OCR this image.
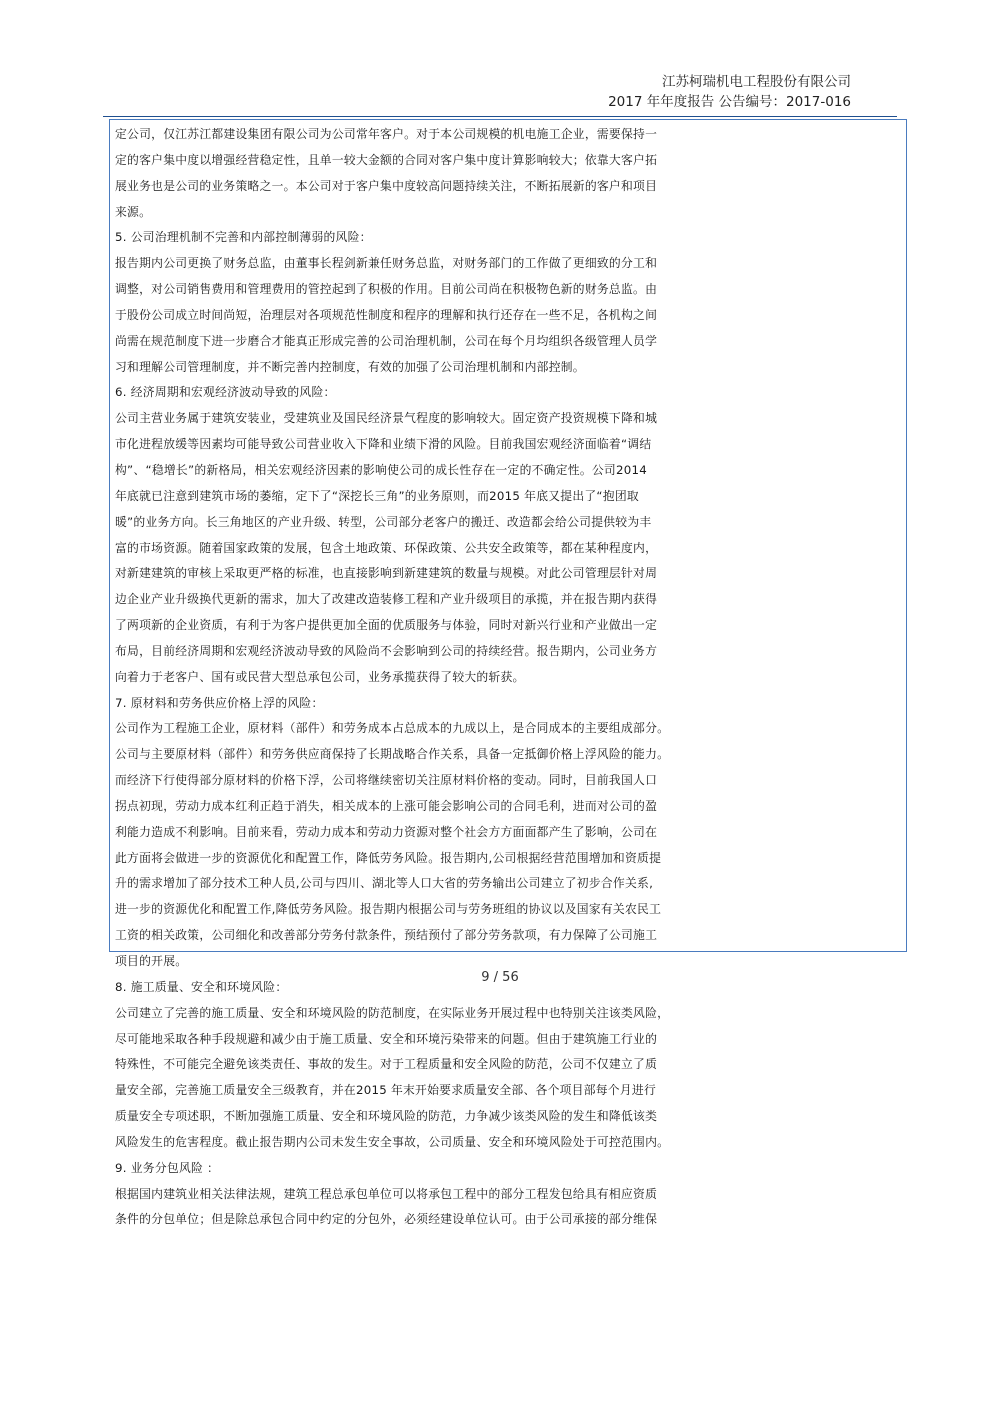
江苏柯瑞机电工程股份有限公司
2017 年年度报告 公告编号：2017-016

定公司，仅江苏江都建设集团有限公司为公司常年客户。对于本公司规模的机电施工企业，需要保持一

定的客户集中度以增强经营稳定性，且单一较大金额的合同对客户集中度计算影响较大；依靠大客户拓

展业务也是公司的业务策略之一。本公司对于客户集中度较高问题持续关注，不断拓展新的客户和项目

来源。

5. 公司治理机制不完善和内部控制薄弱的风险：

报告期内公司更换了财务总监，由董事长程剑新兼任财务总监，对财务部门的工作做了更细致的分工和

调整，对公司销售费用和管理费用的管控起到了积极的作用。目前公司尚在积极物色新的财务总监。由

于股份公司成立时间尚短，治理层对各项规范性制度和程序的理解和执行还存在一些不足，各机构之间

尚需在规范制度下进一步磨合才能真正形成完善的公司治理机制，公司在每个月均组织各级管理人员学

习和理解公司管理制度，并不断完善内控制度，有效的加强了公司治理机制和内部控制。

6. 经济周期和宏观经济波动导致的风险：

公司主营业务属于建筑安装业，受建筑业及国民经济景气程度的影响较大。固定资产投资规模下降和城

市化进程放缓等因素均可能导致公司营业收入下降和业绩下滑的风险。目前我国宏观经济面临着“调结

构”、“稳增长”的新格局，相关宏观经济因素的影响使公司的成长性存在一定的不确定性。公司2014

年底就已注意到建筑市场的萎缩，定下了“深挖长三角”的业务原则，而2015 年底又提出了“抱团取

暖”的业务方向。长三角地区的产业升级、转型，公司部分老客户的搬迁、改造都会给公司提供较为丰

富的市场资源。随着国家政策的发展，包含土地政策、环保政策、公共安全政策等，都在某种程度内，

对新建建筑的审核上采取更严格的标准，也直接影响到新建建筑的数量与规模。对此公司管理层针对周

边企业产业升级换代更新的需求，加大了改建改造装修工程和产业升级项目的承揽，并在报告期内获得

了两项新的企业资质，有利于为客户提供更加全面的优质服务与体验，同时对新兴行业和产业做出一定

布局，目前经济周期和宏观经济波动导致的风险尚不会影响到公司的持续经营。报告期内，公司业务方

向着力于老客户、国有或民营大型总承包公司，业务承揽获得了较大的斩获。

7. 原材料和劳务供应价格上浮的风险：

公司作为工程施工企业，原材料（部件）和劳务成本占总成本的九成以上，是合同成本的主要组成部分。

公司与主要原材料（部件）和劳务供应商保持了长期战略合作关系，具备一定抵御价格上浮风险的能力。

而经济下行使得部分原材料的价格下浮，公司将继续密切关注原材料价格的变动。同时，目前我国人口

拐点初现，劳动力成本红利正趋于消失，相关成本的上涨可能会影响公司的合同毛利，进而对公司的盈

利能力造成不利影响。目前来看，劳动力成本和劳动力资源对整个社会方方面面都产生了影响，公司在

此方面将会做进一步的资源优化和配置工作，降低劳务风险。报告期内,公司根据经营范围增加和资质提

升的需求增加了部分技术工种人员,公司与四川、湖北等人口大省的劳务输出公司建立了初步合作关系,

进一步的资源优化和配置工作,降低劳务风险。报告期内根据公司与劳务班组的协议以及国家有关农民工

工资的相关政策，公司细化和改善部分劳务付款条件，预结预付了部分劳务款项，有力保障了公司施工

项目的开展。

8. 施工质量、安全和环境风险：

公司建立了完善的施工质量、安全和环境风险的防范制度，在实际业务开展过程中也特别关注该类风险，

尽可能地采取各种手段规避和减少由于施工质量、安全和环境污染带来的问题。但由于建筑施工行业的

特殊性，不可能完全避免该类责任、事故的发生。对于工程质量和安全风险的防范，公司不仅建立了质

量安全部，完善施工质量安全三级教育，并在2015 年末开始要求质量安全部、各个项目部每个月进行

质量安全专项述职，不断加强施工质量、安全和环境风险的防范，力争减少该类风险的发生和降低该类

风险发生的危害程度。截止报告期内公司未发生安全事故，公司质量、安全和环境风险处于可控范围内。

9. 业务分包风险 ：

根据国内建筑业相关法律法规，建筑工程总承包单位可以将承包工程中的部分工程发包给具有相应资质

条件的分包单位；但是除总承包合同中约定的分包外，必须经建设单位认可。由于公司承接的部分维保

9 / 56
